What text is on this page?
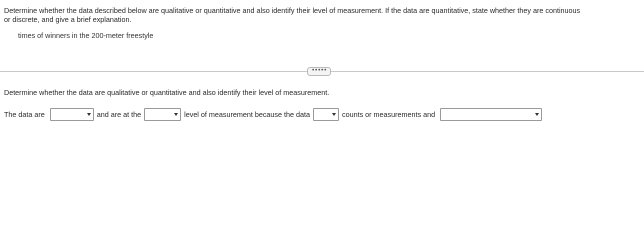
Determine whether the data described below are qualitative or quantitative and also identify their level of measurement. If the data are quantitative, state whether they are continuous
or discrete, and give a brief explanation.
times of winners in the 200-meter freestyle
•••••
Determine whether the data are qualitative or quantitative and also identify their level of measurement.
The data are	and are at the	level of measurement because the data	counts or measurements and
